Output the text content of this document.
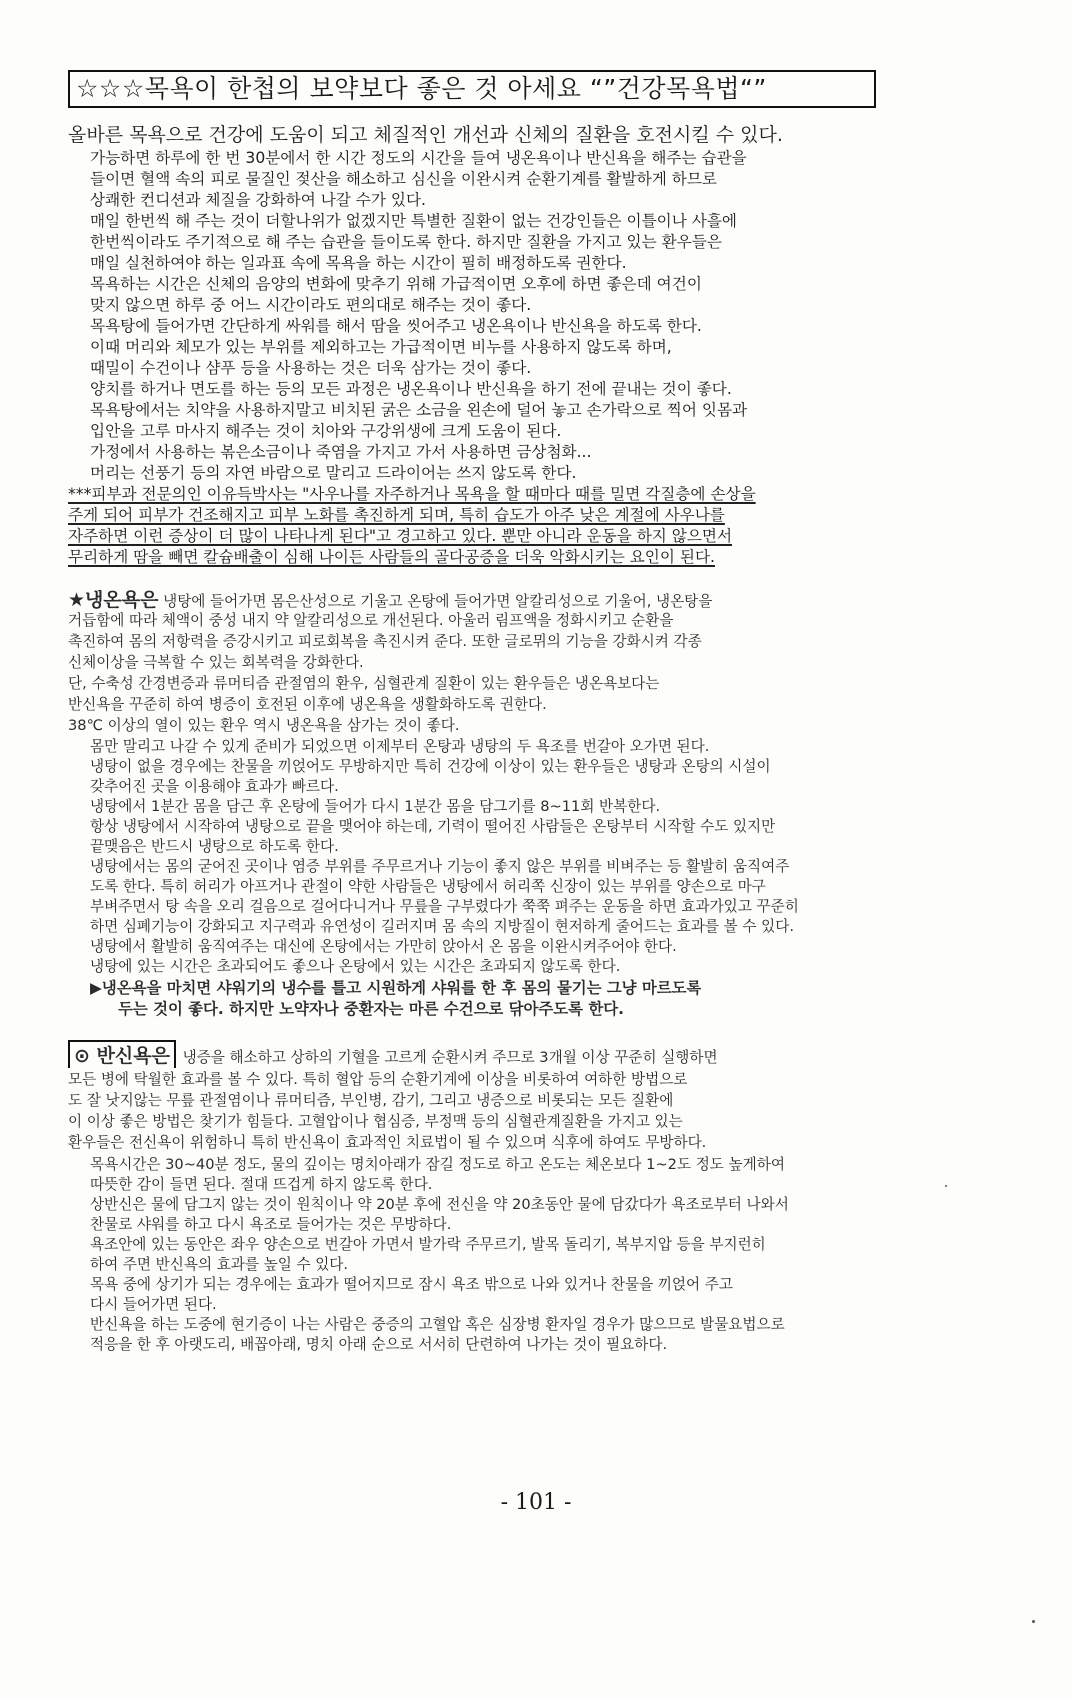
☆☆☆목욕이 한첩의 보약보다 좋은 것 아세요 “”건강목욕법“”
올바른 목욕으로 건강에 도움이 되고 체질적인 개선과 신체의 질환을 호전시킬 수 있다.
° 가능하면 하루에 한 번 30분에서 한 시간 정도의 시간을 들여 냉온욕이나 반신욕을 해주는 습관을
들이면 혈액 속의 피로 물질인 젖산을 해소하고 심신을 이완시켜 순환기계를 활발하게 하므로
° 상쾌한 컨디션과 체질을 강화하여 나갈 수가 있다.
° 매일 한번씩 해 주는 것이 더할나위가 없겠지만 특별한 질환이 없는 건강인들은 이틀이나 사흘에
한번씩이라도 주기적으로 해 주는 습관을 들이도록 한다. 하지만 질환을 가지고 있는 환우들은
° 매일 실천하여야 하는 일과표 속에 목욕을 하는 시간이 필히 배정하도록 권한다.
° 목욕하는 시간은 신체의 음양의 변화에 맞추기 위해 가급적이면 오후에 하면 좋은데 여건이
° 맞지 않으면 하루 중 어느 시간이라도 편의대로 해주는 것이 좋다.
° 목욕탕에 들어가면 간단하게 싸워를 해서 땀을 씻어주고 냉온욕이나 반신욕을 하도록 한다.
° 이때 머리와 체모가 있는 부위를 제외하고는 가급적이면 비누를 사용하지 않도록 하며,
° 때밀이 수건이나 샴푸 등을 사용하는 것은 더욱 삼가는 것이 좋다.
° 양치를 하거나 면도를 하는 등의 모든 과정은 냉온욕이나 반신욕을 하기 전에 끝내는 것이 좋다.
° 목욕탕에서는 치약을 사용하지말고 비치된 굵은 소금을 왼손에 덜어 놓고 손가락으로 찍어 잇몸과
입안을 고루 마사지 해주는 것이 치아와 구강위생에 크게 도움이 된다.
° 가정에서 사용하는 볶은소금이나 죽염을 가지고 가서 사용하면 금상첨화...
° 머리는 선풍기 등의 자연 바람으로 말리고 드라이어는 쓰지 않도록 한다.
***피부과 전문의인 이유득박사는 "사우나를 자주하거나 목욕을 할 때마다 때를 밀면 각질층에 손상을
주게 되어 피부가 건조해지고 피부 노화를 촉진하게 되며, 특히 습도가 아주 낮은 계절에 사우나를
자주하면 이런 증상이 더 많이 나타나게 된다"고 경고하고 있다. 뿐만 아니라 운동을 하지 않으면서
무리하게 땀을 빼면 칼슘배출이 심해 나이든 사람들의 골다공증을 더욱 악화시키는 요인이 된다.
★냉온욕은 냉탕에 들어가면 몸은산성으로 기울고 온탕에 들어가면 알칼리성으로 기울어, 냉온탕을
거듭함에 따라 체액이 중성 내지 약 알칼리성으로 개선된다. 아울러 림프액을 정화시키고 순환을
촉진하여 몸의 저항력을 증강시키고 피로회복을 촉진시켜 준다. 또한 글로뮈의 기능을 강화시켜 각종
신체이상을 극복할 수 있는 회복력을 강화한다.
단, 수축성 간경변증과 류머티즘 관절염의 환우, 심혈관계 질환이 있는 환우들은 냉온욕보다는
반신욕을 꾸준히 하여 병증이 호전된 이후에 냉온욕을 생활화하도록 권한다.
38℃ 이상의 열이 있는 환우 역시 냉온욕을 삼가는 것이 좋다.
° 몸만 말리고 나갈 수 있게 준비가 되었으면 이제부터 온탕과 냉탕의 두 욕조를 번갈아 오가면 된다.
° 냉탕이 없을 경우에는 찬물을 끼얹어도 무방하지만 특히 건강에 이상이 있는 환우들은 냉탕과 온탕의 시설이
° 갖추어진 곳을 이용해야 효과가 빠르다.
° 냉탕에서 1분간 몸을 담근 후 온탕에 들어가 다시 1분간 몸을 담그기를 8~11회 반복한다.
° 항상 냉탕에서 시작하여 냉탕으로 끝을 맺어야 하는데, 기력이 떨어진 사람들은 온탕부터 시작할 수도 있지만
° 끝맺음은 반드시 냉탕으로 하도록 한다.
° 냉탕에서는 몸의 굳어진 곳이나 염증 부위를 주무르거나 기능이 좋지 않은 부위를 비벼주는 등 활발히 움직여주
도록 한다. 특히 허리가 아프거나 관절이 약한 사람들은 냉탕에서 허리쪽 신장이 있는 부위를 양손으로 마구
° 부벼주면서 탕 속을 오리 걸음으로 걸어다니거나 무릎을 구부렸다가 쭉쭉 펴주는 운동을 하면 효과가있고 꾸준히
하면 심폐기능이 강화되고 지구력과 유연성이 길러지며 몸 속의 지방질이 현저하게 줄어드는 효과를 볼 수 있다.
° 냉탕에서 활발히 움직여주는 대신에 온탕에서는 가만히 앉아서 온 몸을 이완시켜주어야 한다.
° 냉탕에 있는 시간은 초과되어도 좋으나 온탕에서 있는 시간은 초과되지 않도록 한다.
° ▶냉온욕을 마치면 샤워기의 냉수를 틀고 시원하게 샤워를 한 후 몸의 물기는 그냥 마르도록
두는 것이 좋다. 하지만 노약자나 중환자는 마른 수건으로 닦아주도록 한다.
⊙ 반신욕은 냉증을 해소하고 상하의 기혈을 고르게 순환시켜 주므로 3개월 이상 꾸준히 실행하면
모든 병에 탁월한 효과를 볼 수 있다. 특히 혈압 등의 순환기계에 이상을 비롯하여 여하한 방법으로
도 잘 낫지않는 무릎 관절염이나 류머티즘, 부인병, 감기, 그리고 냉증으로 비롯되는 모든 질환에
이 이상 좋은 방법은 찾기가 힘들다. 고혈압이나 협심증, 부정맥 등의 심혈관계질환을 가지고 있는
환우들은 전신욕이 위험하니 특히 반신욕이 효과적인 치료법이 될 수 있으며 식후에 하여도 무방하다.
° 목욕시간은 30~40분 정도, 물의 깊이는 명치아래가 잠길 정도로 하고 온도는 체온보다 1~2도 정도 높게하여
° 따뜻한 감이 들면 된다. 절대 뜨겁게 하지 않도록 한다.
° 상반신은 물에 담그지 않는 것이 원칙이나 약 20분 후에 전신을 약 20초동안 물에 담갔다가 욕조로부터 나와서
찬물로 샤워를 하고 다시 욕조로 들어가는 것은 무방하다.
° 욕조안에 있는 동안은 좌우 양손으로 번갈아 가면서 발가락 주무르기, 발목 돌리기, 복부지압 등을 부지런히
° 하여 주면 반신욕의 효과를 높일 수 있다.
° 목욕 중에 상기가 되는 경우에는 효과가 떨어지므로 잠시 욕조 밖으로 나와 있거나 찬물을 끼얹어 주고
° 다시 들어가면 된다.
° 반신욕을 하는 도중에 현기증이 나는 사람은 중증의 고혈압 혹은 심장병 환자일 경우가 많으므로 발물요법으로
적응을 한 후 아랫도리, 배꼽아래, 명치 아래 순으로 서서히 단련하여 나가는 것이 필요하다.
- 101 -
